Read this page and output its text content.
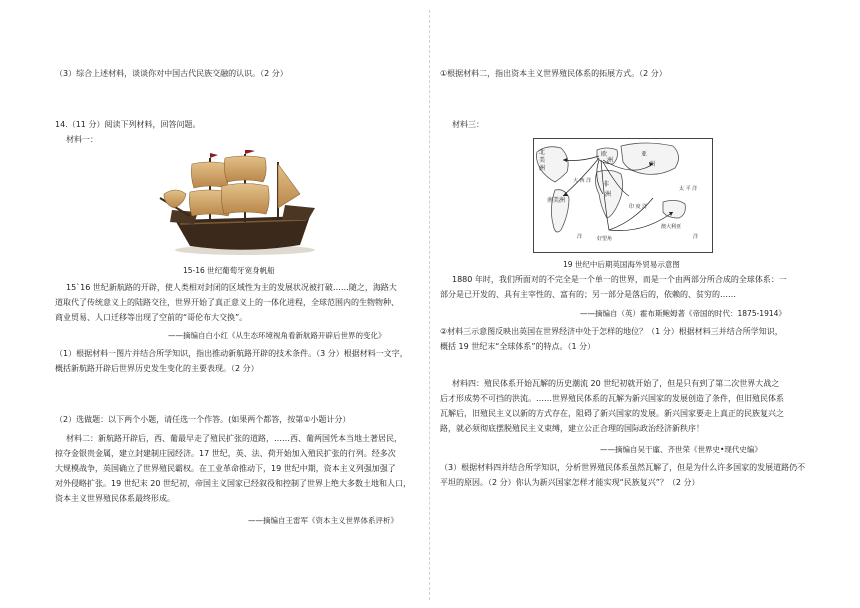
（3）综合上述材料，谈谈你对中国古代民族交融的认识。（2 分）
14.（11 分）阅读下列材料，回答问题。
材料一：
15-16 世纪葡萄牙宽身帆船
15`16 世纪新航路的开辟，使人类相对封闭的区域性为主的发展状况被打破……随之，海路大
道取代了传统意义上的陆路交往，世界开始了真正意义上的一体化进程，全球范围内的生物物种、
商业贸易、人口迁移等出现了空前的“哥伦布大交换”。
——摘编自白小红《从生态环境视角看新航路开辟后世界的变化》
（1）根据材料一图片并结合所学知识，指出推动新航路开辟的技术条件。（3 分）根据材料一文字，
概括新航路开辟后世界历史发生变化的主要表现。（2 分）
（2）选做题：以下两个小题，请任选一个作答。(如果两个都答，按第①小题计分）
材料二：新航路开辟后，西、葡最早走了殖民扩张的道路，……西、葡两国凭本当地土著居民，
掠夺金银贵金属，建立封建制庄园经济。17 世纪，英、法、荷开始加入殖民扩张的行列。经多次
大规模战争，英国确立了世界殖民霸权。在工业革命推动下，19 世纪中期，资本主义列强加强了
对外侵略扩张。19 世纪末 20 世纪初，帝国主义国家已经叙役和控制了世界上绝大多数土地和人口，
资本主义世界殖民体系最终形成。
——摘编自王雷军《资本主义世界体系评析》
①根据材料二，指出资本主义世界殖民体系的拓展方式。（2 分）
材料三：
北
美
洲
南美洲
欧
洲
亚
洲
非
洲
大 西 洋
印 度 洋
太 平 洋
好望角
澳大利亚
洋	洋
19 世纪中后期英国海外贸易示意图
1880 年时，我们所面对的不完全是一个单一的世界，而是一个由两部分所合成的全球体系：一
部分是已开发的、具有主宰性的、富有的；另一部分是落后的，依赖的、贫穷的……
——摘编自（英）霍布斯鲍姆著《帝国的时代：1875-1914》
②材料三示意图反映出英国在世界经济中处于怎样的地位？（1 分）根据材料三并结合所学知识，
概括 19 世纪末“全球体系”的特点。（1 分）
材料四：殖民体系开始瓦解的历史潮流 20 世纪初就开始了，但是只有到了第二次世界大战之
后才形成势不可挡的洪流。……世界殖民体系的瓦解为新兴国家的发展创造了条件，但旧殖民体系
瓦解后，旧殖民主义以新的方式存在，阻碍了新兴国家的发展。新兴国家要走上真正的民族复兴之
路，就必须彻底摆脱殖民主义束缚，建立公正合理的国际政治经济新秩序！
——摘编自吴于廑、齐世荣《世界史•现代史编》
（3）根据材料四并结合所学知识，分析世界殖民体系虽然瓦解了，但是为什么许多国家的发展道路仍不
平坦的原因。（2 分）你认为新兴国家怎样才能实现“民族复兴”？（2 分）
